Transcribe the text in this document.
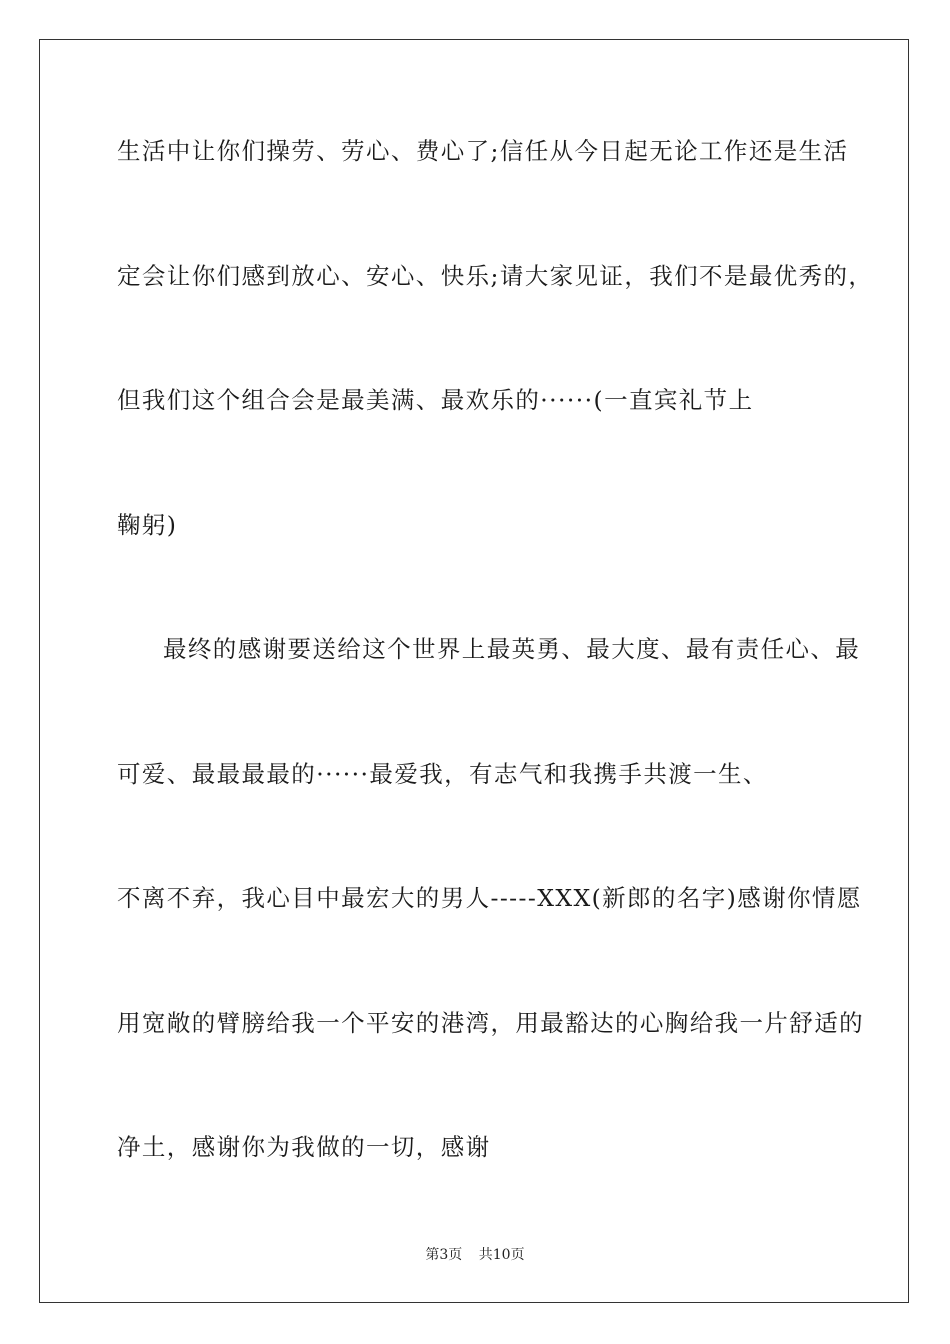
生活中让你们操劳、劳心、费心了;信任从今日起无论工作还是生活
定会让你们感到放心、安心、快乐;请大家见证，我们不是最优秀的，
但我们这个组合会是最美满、最欢乐的······(一直宾礼节上
鞠躬)
最终的感谢要送给这个世界上最英勇、最大度、最有责任心、最
可爱、最最最最的······最爱我，有志气和我携手共渡一生、
不离不弃，我心目中最宏大的男人-----XXX(新郎的名字)感谢你情愿
用宽敞的臂膀给我一个平安的港湾，用最豁达的心胸给我一片舒适的
净土，感谢你为我做的一切，感谢
第3页 共10页
